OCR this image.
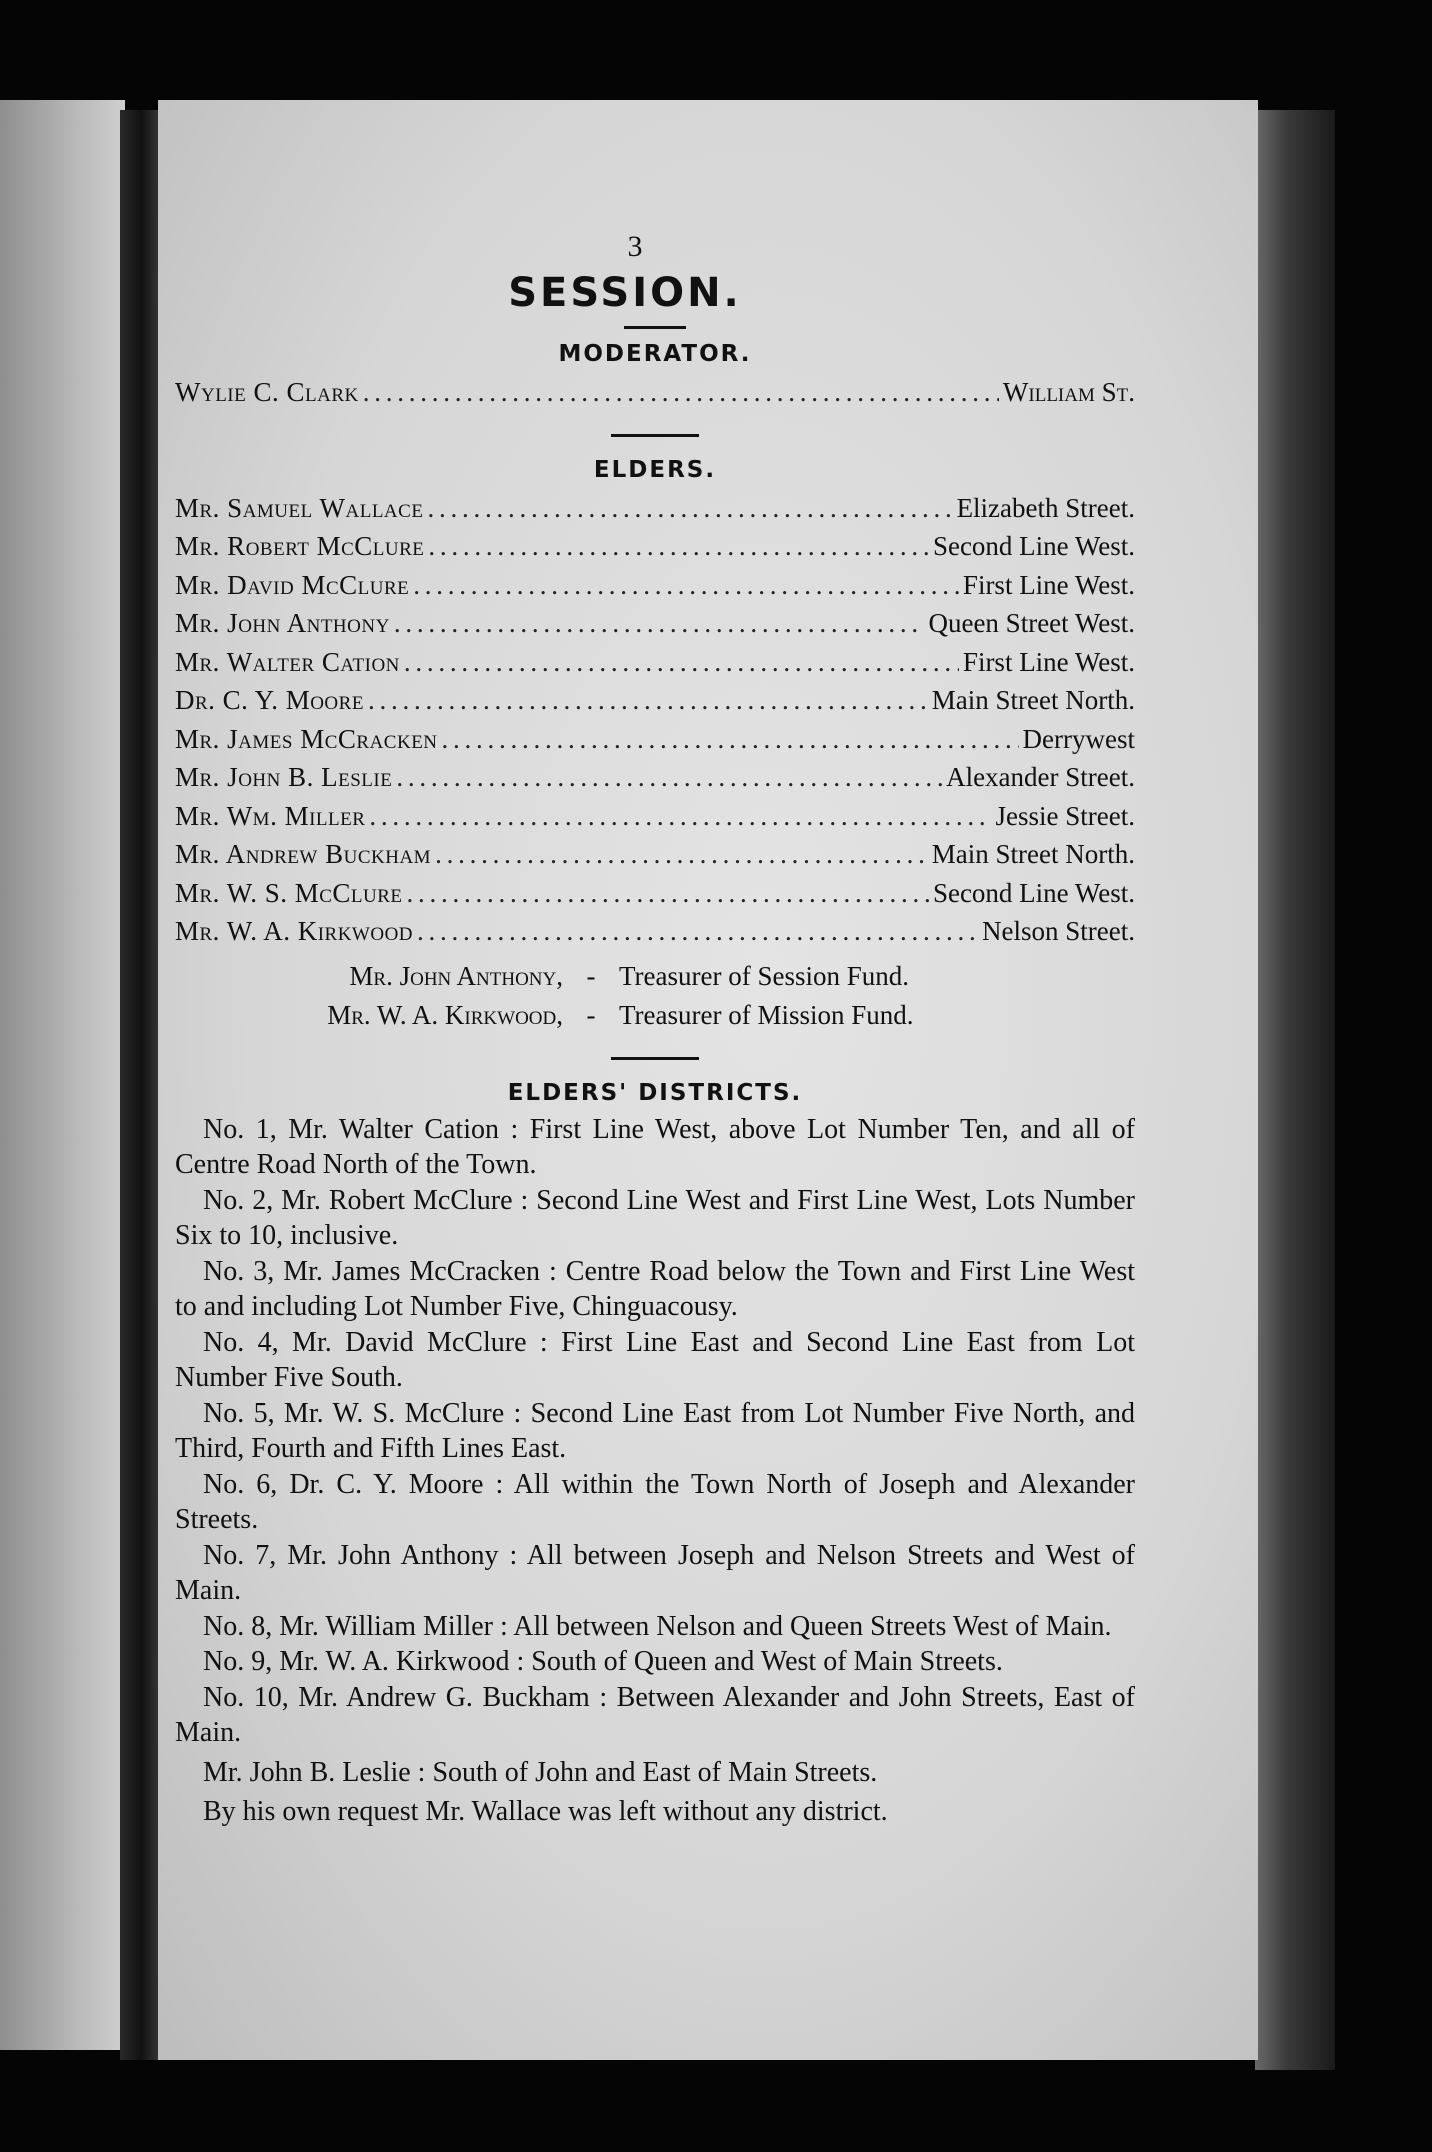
3
SESSION.
MODERATOR.
Wylie C. Clark . . .	William St.
ELDERS.
Mr. Samuel Wallace . . .	Elizabeth Street.
Mr. Robert McClure . . .	Second Line West.
Mr. David McClure . . .	First Line West.
Mr. John Anthony . . .	Queen Street West.
Mr. Walter Cation . . .	First Line West.
Dr. C. Y. Moore . . .	Main Street North.
Mr. James McCracken . . .	Derrywest
Mr. John B. Leslie . . .	Alexander Street.
Mr. Wm. Miller . . .	Jessie Street.
Mr. Andrew Buckham . . .	Main Street North.
Mr. W. S. McClure . . .	Second Line West.
Mr. W. A. Kirkwood . . .	Nelson Street.
Mr. John Anthony, - Treasurer of Session Fund.
Mr. W. A. Kirkwood, - Treasurer of Mission Fund.
ELDERS' DISTRICTS.
No. 1, Mr. Walter Cation : First Line West, above Lot Number Ten, and all of Centre Road North of the Town.
No. 2, Mr. Robert McClure : Second Line West and First Line West, Lots Number Six to 10, inclusive.
No. 3, Mr. James McCracken : Centre Road below the Town and First Line West to and including Lot Number Five, Chinguacousy.
No. 4, Mr. David McClure : First Line East and Second Line East from Lot Number Five South.
No. 5, Mr. W. S. McClure : Second Line East from Lot Number Five North, and Third, Fourth and Fifth Lines East.
No. 6, Dr. C. Y. Moore : All within the Town North of Joseph and Alexander Streets.
No. 7, Mr. John Anthony : All between Joseph and Nelson Streets and West of Main.
No. 8, Mr. William Miller : All between Nelson and Queen Streets West of Main.
No. 9, Mr. W. A. Kirkwood : South of Queen and West of Main Streets.
No. 10, Mr. Andrew G. Buckham : Between Alexander and John Streets, East of Main.
Mr. John B. Leslie : South of John and East of Main Streets.
By his own request Mr. Wallace was left without any district.
